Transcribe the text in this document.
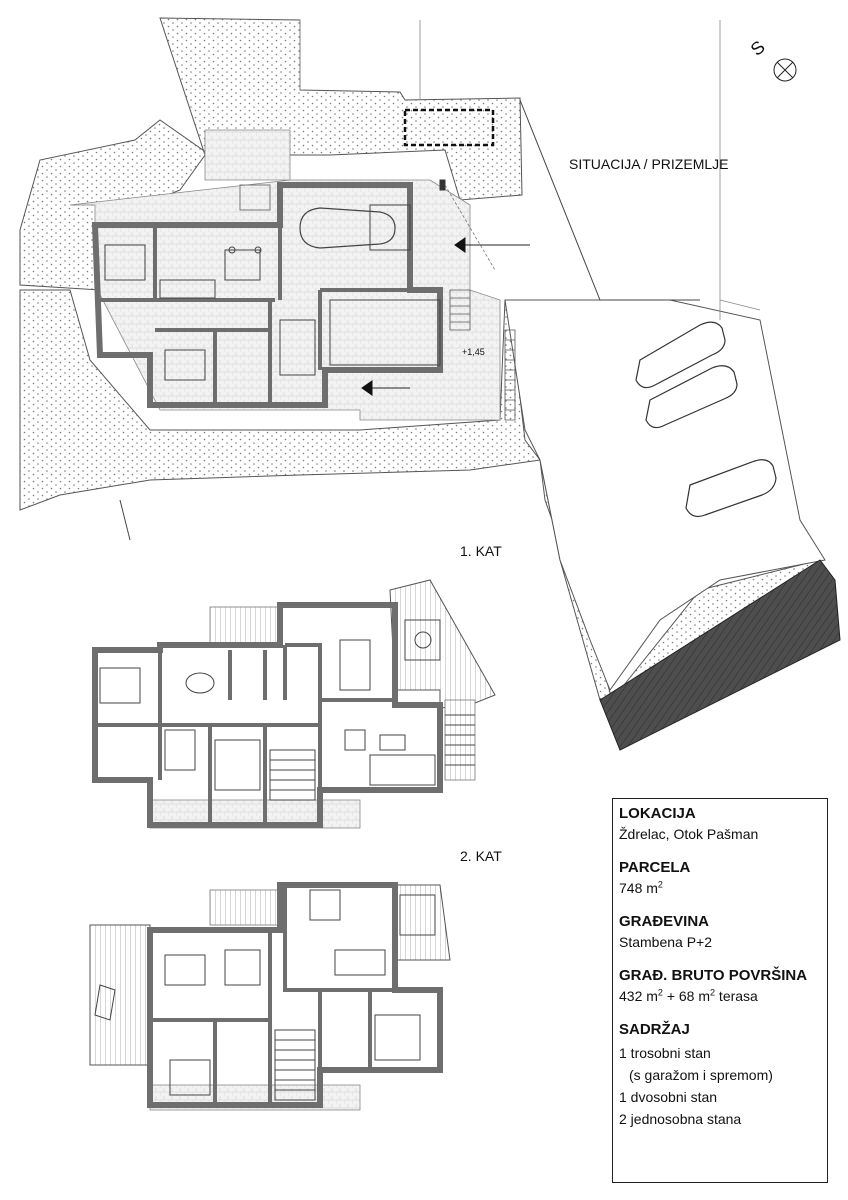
SITUACIJA / PRIZEMLJE
1. KAT
2. KAT
+1,45
S

LOKACIJA

Ždrelac, Otok Pašman

PARCELA

748 $m^2$

GRAĐEVINA

Stambena P+2

GRAĐ. BRUTO POVRŠINA

432 $m^2 + 68$ $m^2$ terasa

SADRŽAJ

1 trosobni stan
(s garažom i spremom)
1 dvosobni stan
2 jednosobna stana
